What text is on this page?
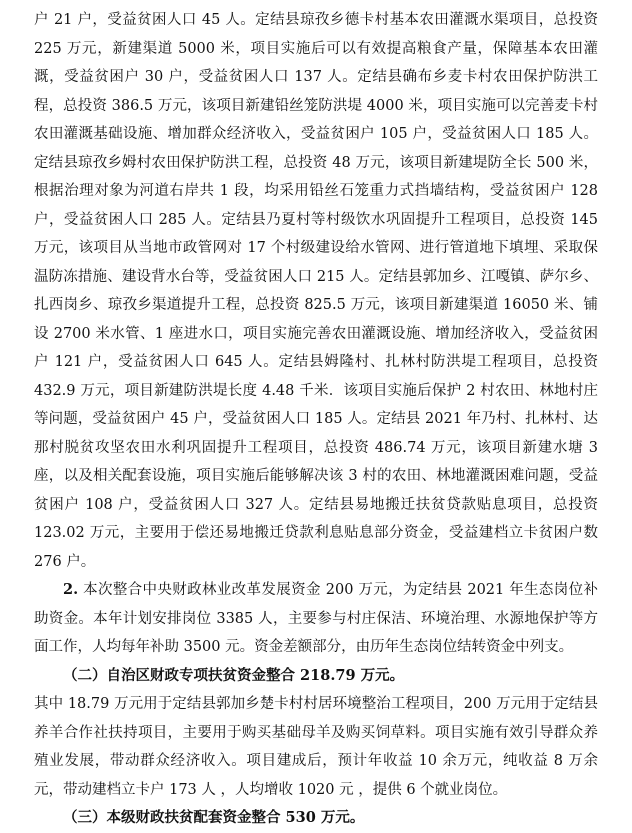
户 21 户，受益贫困人口 45 人。定结县琼孜乡德卡村基本农田灌溉水渠项目，总投资 225 万元，新建渠道 5000 米，项目实施后可以有效提高粮食产量，保障基本农田灌溉，受益贫困户 30 户，受益贫困人口 137 人。定结县确布乡麦卡村农田保护防洪工程，总投资 386.5 万元，该项目新建铅丝笼防洪堤 4000 米，项目实施可以完善麦卡村农田灌溉基础设施、增加群众经济收入，受益贫困户 105 户，受益贫困人口 185 人。定结县琼孜乡姆村农田保护防洪工程，总投资 48 万元，该项目新建堤防全长 500 米，根据治理对象为河道右岸共 1 段，均采用铅丝石笼重力式挡墙结构，受益贫困户 128 户，受益贫困人口 285 人。定结县乃夏村等村级饮水巩固提升工程项目，总投资 145 万元，该项目从当地市政管网对 17 个村级建设给水管网、进行管道地下填埋、采取保温防冻措施、建设背水台等，受益贫困人口 215 人。定结县郭加乡、江嘎镇、萨尔乡、扎西岗乡、琼孜乡渠道提升工程，总投资 825.5 万元，该项目新建渠道 16050 米、铺设 2700 米水管、1 座进水口，项目实施完善农田灌溉设施、增加经济收入，受益贫困户 121 户，受益贫困人口 645 人。定结县姆隆村、扎林村防洪堤工程项目，总投资 432.9 万元，项目新建防洪堤长度 4.48 千米．该项目实施后保护 2 村农田、林地村庄等问题，受益贫困户 45 户，受益贫困人口 185 人。定结县 2021 年乃村、扎林村、达那村脱贫攻坚农田水利巩固提升工程项目，总投资 486.74 万元，该项目新建水塘 3 座，以及相关配套设施，项目实施后能够解决该 3 村的农田、林地灌溉困难问题，受益贫困户 108 户，受益贫困人口 327 人。定结县易地搬迁扶贫贷款贴息项目，总投资 123.02 万元，主要用于偿还易地搬迁贷款利息贴息部分资金，受益建档立卡贫困户数 276 户。

2. 本次整合中央财政林业改革发展资金 200 万元，为定结县 2021 年生态岗位补助资金。本年计划安排岗位 3385 人，主要参与村庄保洁、环境治理、水源地保护等方面工作，人均每年补助 3500 元。资金差额部分，由历年生态岗位结转资金中列支。

（二）自治区财政专项扶贫资金整合 218.79 万元。

其中 18.79 万元用于定结县郭加乡楚卡村村居环境整治工程项目，200 万元用于定结县养羊合作社扶持项目，主要用于购买基础母羊及购买饲草料。项目实施有效引导群众养殖业发展，带动群众经济收入。项目建成后，预计年收益 10 余万元，纯收益 8 万余元，带动建档立卡户 173 人 ，人均增收 1020 元 ，提供 6 个就业岗位。

（三）本级财政扶贫配套资金整合 530 万元。
